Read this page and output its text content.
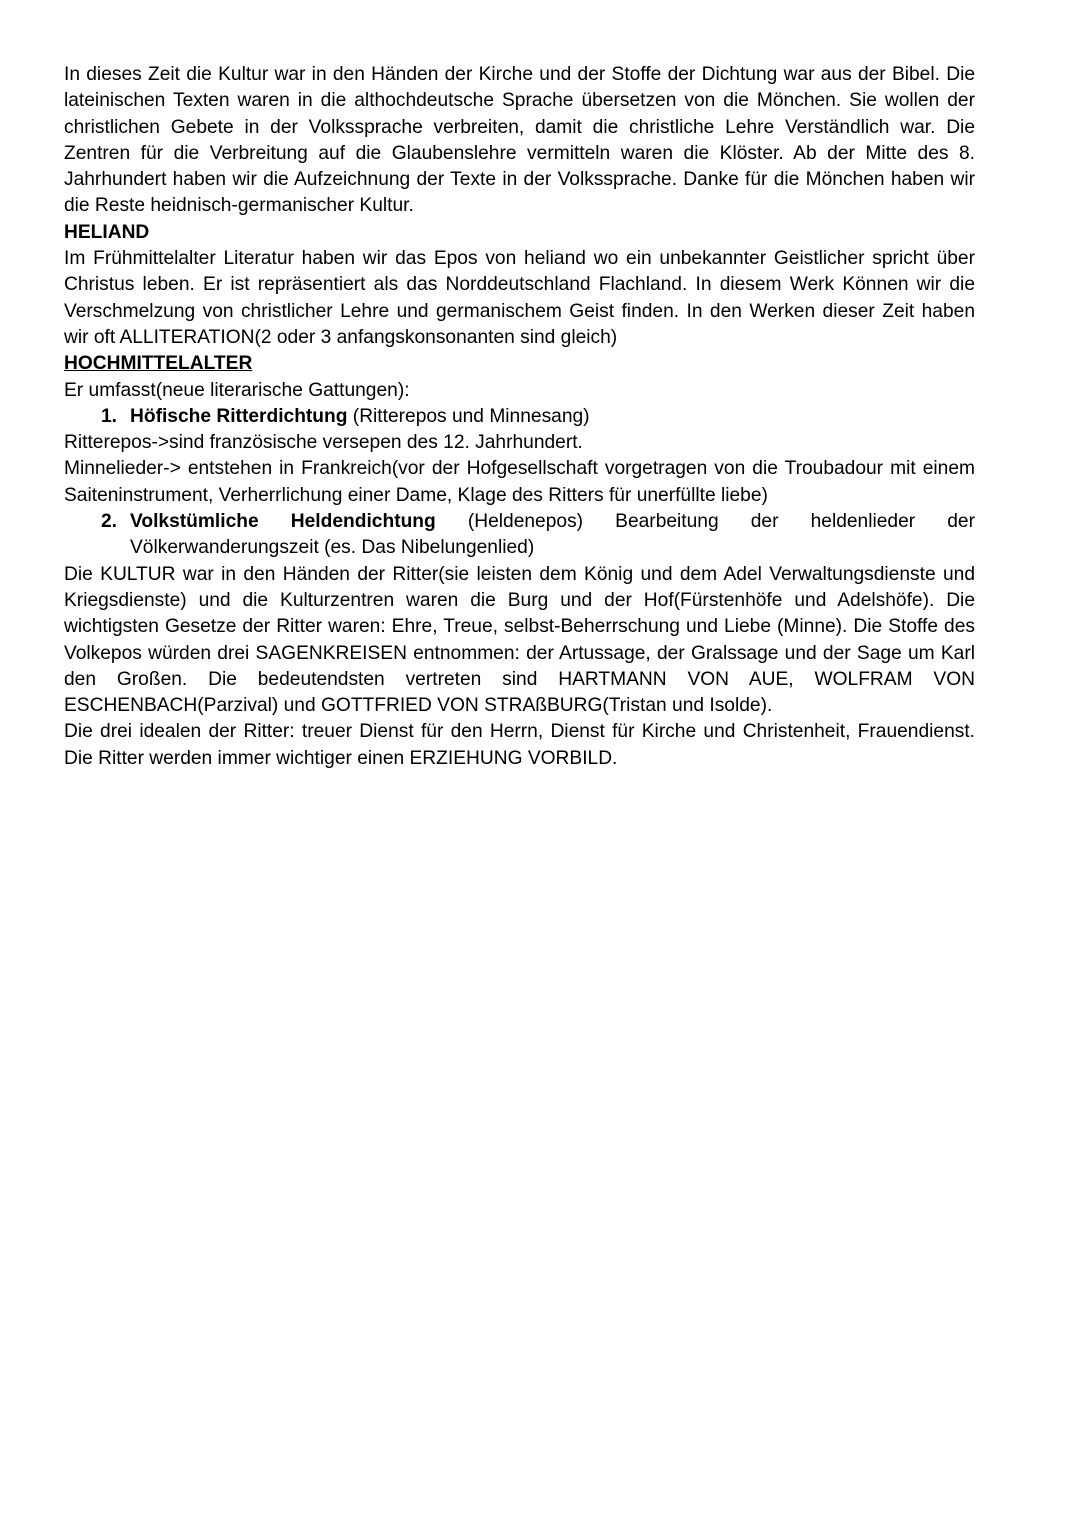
In dieses Zeit die Kultur war in den Händen der Kirche und der Stoffe der Dichtung war aus der Bibel. Die lateinischen Texten waren in die althochdeutsche Sprache übersetzen von die Mönchen. Sie wollen der christlichen Gebete in der Volkssprache verbreiten, damit die christliche Lehre Verständlich war. Die Zentren für die Verbreitung auf die Glaubenslehre vermitteln waren die Klöster. Ab der Mitte des 8. Jahrhundert haben wir die Aufzeichnung der Texte in der Volkssprache. Danke für die Mönchen haben wir die Reste heidnisch-germanischer Kultur.

HELIAND

Im Frühmittelalter Literatur haben wir das Epos von heliand wo ein unbekannter Geistlicher spricht über Christus leben. Er ist repräsentiert als das Norddeutschland Flachland. In diesem Werk Können wir die Verschmelzung von christlicher Lehre und germanischem Geist finden. In den Werken dieser Zeit haben wir oft ALLITERATION(2 oder 3 anfangskonsonanten sind gleich)

HOCHMITTELALTER

Er umfasst(neue literarische Gattungen):

1. Höfische Ritterdichtung (Ritterepos und Minnesang)

Ritterepos->sind französische versepen des 12. Jahrhundert.

Minnelieder-> entstehen in Frankreich(vor der Hofgesellschaft vorgetragen von die Troubadour mit einem Saiteninstrument, Verherrlichung einer Dame, Klage des Ritters für unerfüllte liebe)

2. Volkstümliche Heldendichtung (Heldenepos) Bearbeitung der heldenlieder der Völkerwanderungszeit (es. Das Nibelungenlied)

Die KULTUR war in den Händen der Ritter(sie leisten dem König und dem Adel Verwaltungsdienste und Kriegsdienste) und die Kulturzentren waren die Burg und der Hof(Fürstenhöfe und Adelshöfe). Die wichtigsten Gesetze der Ritter waren: Ehre, Treue, selbst-Beherrschung und Liebe (Minne). Die Stoffe des Volkepos würden drei SAGENKREISEN entnommen: der Artussage, der Gralssage und der Sage um Karl den Großen. Die bedeutendsten vertreten sind HARTMANN VON AUE, WOLFRAM VON ESCHENBACH(Parzival) und GOTTFRIED VON STRAßBURG(Tristan und Isolde).

Die drei idealen der Ritter: treuer Dienst für den Herrn, Dienst für Kirche und Christenheit, Frauendienst. Die Ritter werden immer wichtiger einen ERZIEHUNG VORBILD.
